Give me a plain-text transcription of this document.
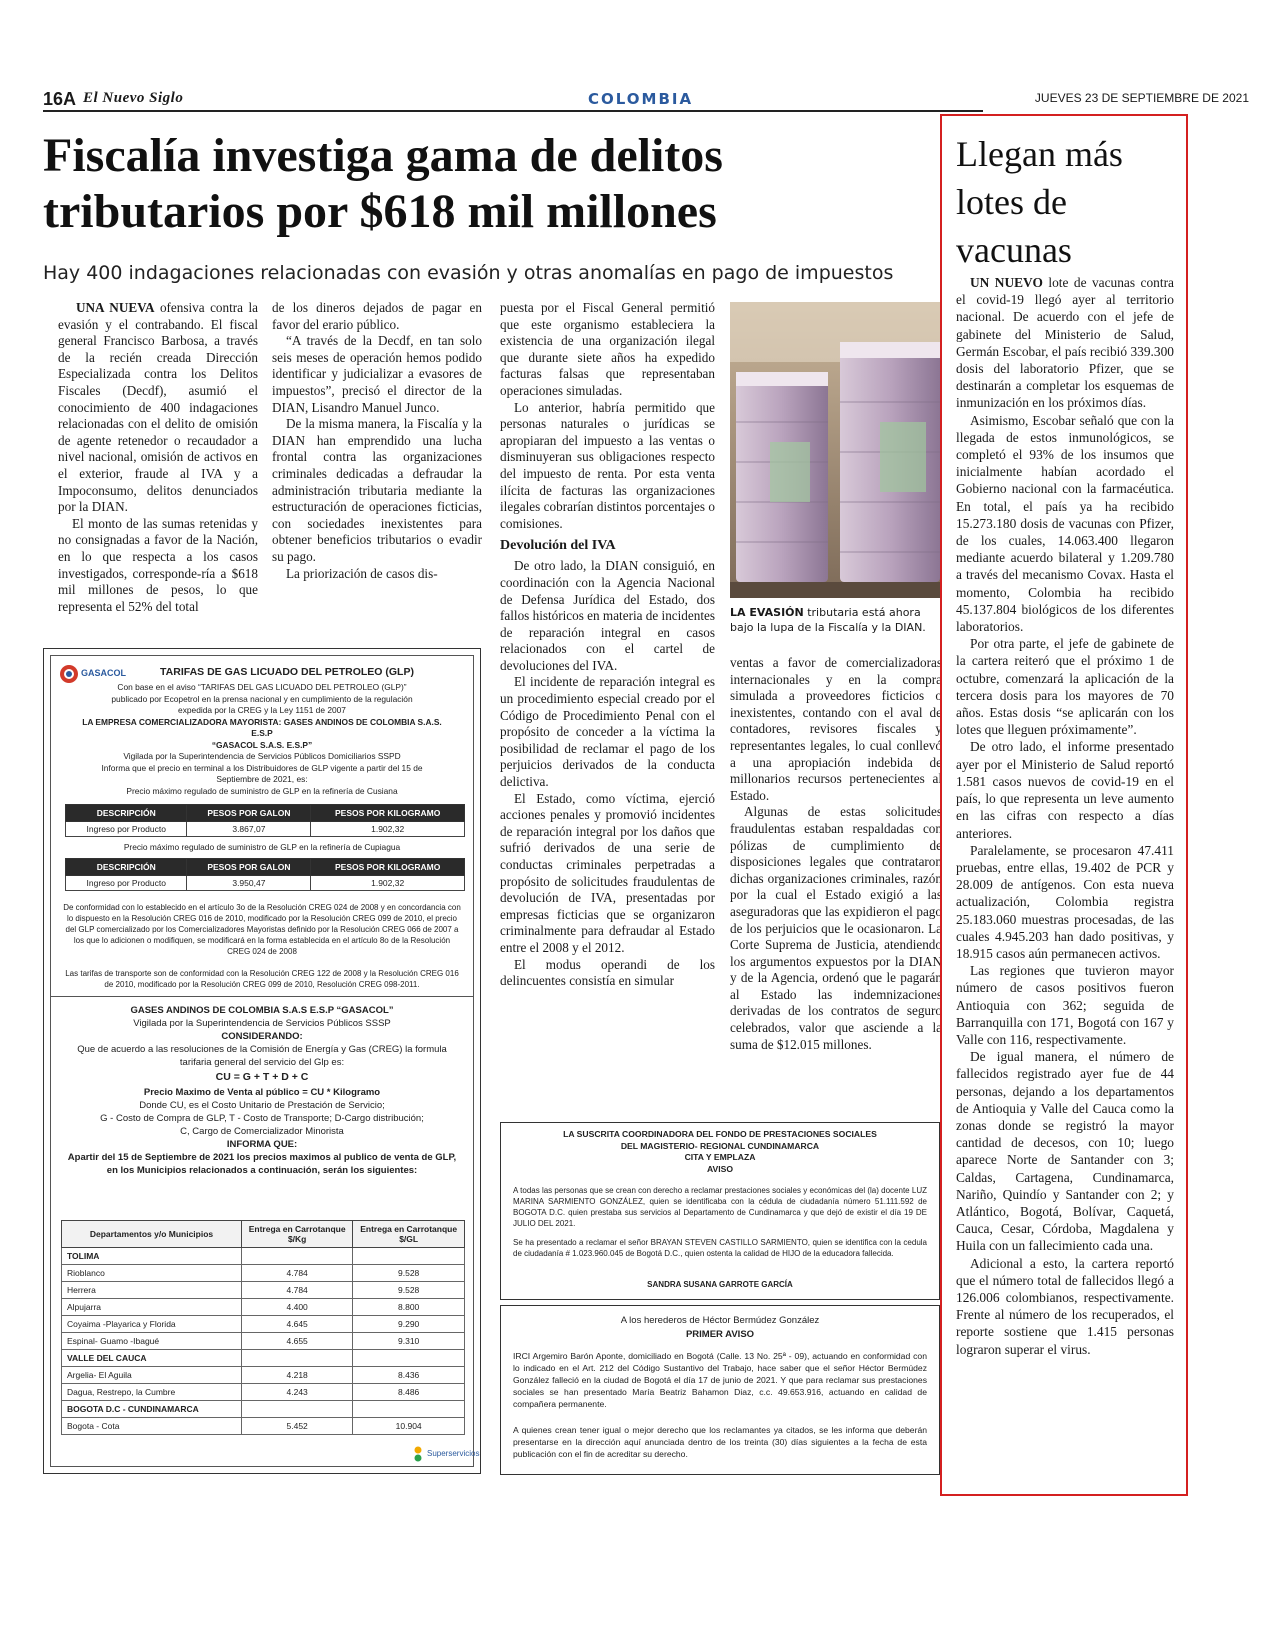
16A El Nuevo Siglo	COLOMBIA	JUEVES 23 DE SEPTIEMBRE DE 2021
Fiscalía investiga gama de delitos
tributarios por $618 mil millones
Hay 400 indagaciones relacionadas con evasión y otras anomalías en pago de impuestos

UNA NUEVA ofensiva contra la evasión y el contrabando. El fiscal general Francisco Barbosa, a través de la recién creada Dirección Especializada contra los Delitos Fiscales (Decdf), asumió el conocimiento de 400 indagaciones relacionadas con el delito de omisión de agente retenedor o recaudador a nivel nacional, omisión de activos en el exterior, fraude al IVA y a Impoconsumo, delitos denunciados por la DIAN.

El monto de las sumas retenidas y no consignadas a favor de la Nación, en lo que respecta a los casos investigados, corresponde-ría a $618 mil millones de pesos, lo que representa el 52% del total

de los dineros dejados de pagar en favor del erario público.

“A través de la Decdf, en tan solo seis meses de operación hemos podido identificar y judicializar a evasores de impuestos”, precisó el director de la DIAN, Lisandro Manuel Junco.

De la misma manera, la Fiscalía y la DIAN han emprendido una lucha frontal contra las organizaciones criminales dedicadas a defraudar la administración tributaria mediante la estructuración de operaciones ficticias, con sociedades inexistentes para obtener beneficios tributarios o evadir su pago.

La priorización de casos dis-

puesta por el Fiscal General permitió que este organismo estableciera la existencia de una organización ilegal que durante siete años ha expedido facturas falsas que representaban operaciones simuladas.

Lo anterior, habría permitido que personas naturales o jurídicas se apropiaran del impuesto a las ventas o disminuyeran sus obligaciones respecto del impuesto de renta. Por esta venta ilícita de facturas las organizaciones ilegales cobrarían distintos porcentajes o comisiones.

Devolución del IVA

De otro lado, la DIAN consiguió, en coordinación con la Agencia Nacional de Defensa Jurídica del Estado, dos fallos históricos en materia de incidentes de reparación integral en casos relacionados con el cartel de devoluciones del IVA.

El incidente de reparación integral es un procedimiento especial creado por el Código de Procedimiento Penal con el propósito de conceder a la víctima la posibilidad de reclamar el pago de los perjuicios derivados de la conducta delictiva.

El Estado, como víctima, ejerció acciones penales y promovió incidentes de reparación integral por los daños que sufrió derivados de una serie de conductas criminales perpetradas a propósito de solicitudes fraudulentas de devolución de IVA, presentadas por empresas ficticias que se organizaron criminalmente para defraudar al Estado entre el 2008 y el 2012.

El modus operandi de los delincuentes consistía en simular

LA EVASIÓN tributaria está ahora bajo la lupa de la Fiscalía y la DIAN.

ventas a favor de comercializadoras internacionales y en la compra simulada a proveedores ficticios o inexistentes, contando con el aval de contadores, revisores fiscales y representantes legales, lo cual conllevó a una apropiación indebida de millonarios recursos pertenecientes al Estado.

Algunas de estas solicitudes fraudulentas estaban respaldadas con pólizas de cumplimiento de disposiciones legales que contrataron dichas organizaciones criminales, razón por la cual el Estado exigió a las aseguradoras que las expidieron el pago de los perjuicios que le ocasionaron. La Corte Suprema de Justicia, atendiendo los argumentos expuestos por la DIAN y de la Agencia, ordenó que le pagarán al Estado las indemnizaciones derivadas de los contratos de seguro celebrados, valor que asciende a la suma de $12.015 millones.

Llegan más lotes de vacunas

UN NUEVO lote de vacunas contra el covid-19 llegó ayer al territorio nacional. De acuerdo con el jefe de gabinete del Ministerio de Salud, Germán Escobar, el país recibió 339.300 dosis del laboratorio Pfizer, que se destinarán a completar los esquemas de inmunización en los próximos días.

Asimismo, Escobar señaló que con la llegada de estos inmunológicos, se completó el 93% de los insumos que inicialmente habían acordado el Gobierno nacional con la farmacéutica. En total, el país ya ha recibido 15.273.180 dosis de vacunas con Pfizer, de los cuales, 14.063.400 llegaron mediante acuerdo bilateral y 1.209.780 a través del mecanismo Covax. Hasta el momento, Colombia ha recibido 45.137.804 biológicos de los diferentes laboratorios.

Por otra parte, el jefe de gabinete de la cartera reiteró que el próximo 1 de octubre, comenzará la aplicación de la tercera dosis para los mayores de 70 años. Estas dosis “se aplicarán con los lotes que lleguen próximamente”.

De otro lado, el informe presentado ayer por el Ministerio de Salud reportó 1.581 casos nuevos de covid-19 en el país, lo que representa un leve aumento en las cifras con respecto a días anteriores.

Paralelamente, se procesaron 47.411 pruebas, entre ellas, 19.402 de PCR y 28.009 de antígenos. Con esta nueva actualización, Colombia registra 25.183.060 muestras procesadas, de las cuales 4.945.203 han dado positivas, y 18.915 casos aún permanecen activos.

Las regiones que tuvieron mayor número de casos positivos fueron Antioquia con 362; seguida de Barranquilla con 171, Bogotá con 167 y Valle con 116, respectivamente.

De igual manera, el número de fallecidos registrado ayer fue de 44 personas, dejando a los departamentos de Antioquia y Valle del Cauca como la zonas donde se registró la mayor cantidad de decesos, con 10; luego aparece Norte de Santander con 3; Caldas, Cartagena, Cundinamarca, Nariño, Quindío y Santander con 2; y Atlántico, Bogotá, Bolívar, Caquetá, Cauca, Cesar, Córdoba, Magdalena y Huila con un fallecimiento cada una.

Adicional a esto, la cartera reportó que el número total de fallecidos llegó a 126.006 colombianos, respectivamente. Frente al número de los recuperados, el reporte sostiene que 1.415 personas lograron superar el virus.

GASACOL	TARIFAS DE GAS LICUADO DEL PETROLEO (GLP)
Con base en el aviso “TARIFAS DEL GAS LICUADO DEL PETROLEO (GLP)”
publicado por Ecopetrol en la prensa nacional y en cumplimiento de la regulación
expedida por la CREG y la Ley 1151 de 2007
LA EMPRESA COMERCIALIZADORA MAYORISTA: GASES ANDINOS DE COLOMBIA S.A.S. E.S.P
“GASACOL S.A.S. E.S.P”
Vigilada por la Superintendencia de Servicios Públicos Domiciliarios SSPD
Informa que el precio en terminal a los Distribuidores de GLP vigente a partir del 15 de Septiembre de 2021, es:
Precio máximo regulado de suministro de GLP en la refinería de Cusiana
DESCRIPCIÓN	PESOS POR GALON	PESOS POR KILOGRAMO
Ingreso por Producto	3.867,07	1.902,32
Precio máximo regulado de suministro de GLP en la refinería de Cupiagua
DESCRIPCIÓN	PESOS POR GALON	PESOS POR KILOGRAMO
Ingreso por Producto	3.950,47	1.902,32
De conformidad con lo establecido en el artículo 3o de la Resolución CREG 024 de 2008 y en concordancia con lo dispuesto en la Resolución CREG 016 de 2010, modificado por la Resolución CREG 099 de 2010, el precio del GLP comercializado por los Comercializadores Mayoristas definido por la Resolución CREG 066 de 2007 a los que lo adicionen o modifiquen, se modificará en la forma establecida en el artículo 8o de la Resolución CREG 024 de 2008
Las tarifas de transporte son de conformidad con la Resolución CREG 122 de 2008 y la Resolución CREG 016 de 2010, modificado por la Resolución CREG 099 de 2010, Resolución CREG 098-2011.
GASES ANDINOS DE COLOMBIA S.A.S E.S.P “GASACOL”
Vigilada por la Superintendencia de Servicios Públicos SSSP
CONSIDERANDO:
Que de acuerdo a las resoluciones de la Comisión de Energía y Gas (CREG) la formula tarifaria general del servicio del Glp es:
CU = G + T + D + C
Precio Maximo de Venta al público = CU * Kilogramo
Donde CU, es el Costo Unitario de Prestación de Servicio;
G - Costo de Compra de GLP, T - Costo de Transporte; D-Cargo distribución;
C, Cargo de Comercializador Minorista
INFORMA QUE:
Apartir del 15 de Septiembre de 2021 los precios maximos al publico de venta de GLP, en los Municipios relacionados a continuación, serán los siguientes:
Departamentos y/o Municipios	Entrega en Carrotanque $/Kg	Entrega en Carrotanque $/GL
TOLIMA		
Rioblanco	4.784	9.528
Herrera	4.784	9.528
Alpujarra	4.400	8.800
Coyaima -Playarica y Florida	4.645	9.290
Espinal- Guamo -Ibagué	4.655	9.310
VALLE DEL CAUCA		
Argelia- El Aguila	4.218	8.436
Dagua, Restrepo, la Cumbre	4.243	8.486
BOGOTA D.C - CUNDINAMARCA		
Bogota - Cota	5.452	10.904
Superservicios
LA SUSCRITA COORDINADORA DEL FONDO DE PRESTACIONES SOCIALES
DEL MAGISTERIO- REGIONAL CUNDINAMARCA
CITA Y EMPLAZA
AVISO
A todas las personas que se crean con derecho a reclamar prestaciones sociales y económicas del (la) docente LUZ MARINA SARMIENTO GONZÁLEZ, quien se identificaba con la cédula de ciudadanía número 51.111.592 de BOGOTA D.C. quien prestaba sus servicios al Departamento de Cundinamarca y que dejó de existir el día 19 DE JULIO DEL 2021.
Se ha presentado a reclamar el señor BRAYAN STEVEN CASTILLO SARMIENTO, quien se identifica con la cedula de ciudadanía # 1.023.960.045 de Bogotá D.C., quien ostenta la calidad de HIJO de la educadora fallecida.
SANDRA SUSANA GARROTE GARCÍA
A los herederos de Héctor Bermúdez González
PRIMER AVISO
IRCI Argemiro Barón Aponte, domiciliado en Bogotá (Calle. 13 No. 25ª - 09), actuando en conformidad con lo indicado en el Art. 212 del Código Sustantivo del Trabajo, hace saber que el señor Héctor Bermúdez González falleció en la ciudad de Bogotá el día 17 de junio de 2021. Y que para reclamar sus prestaciones sociales se han presentado María Beatriz Bahamon Diaz, c.c. 49.653.916, actuando en calidad de compañera permanente.
A quienes crean tener igual o mejor derecho que los reclamantes ya citados, se les informa que deberán presentarse en la dirección aquí anunciada dentro de los treinta (30) días siguientes a la fecha de esta publicación con el fin de acreditar su derecho.
